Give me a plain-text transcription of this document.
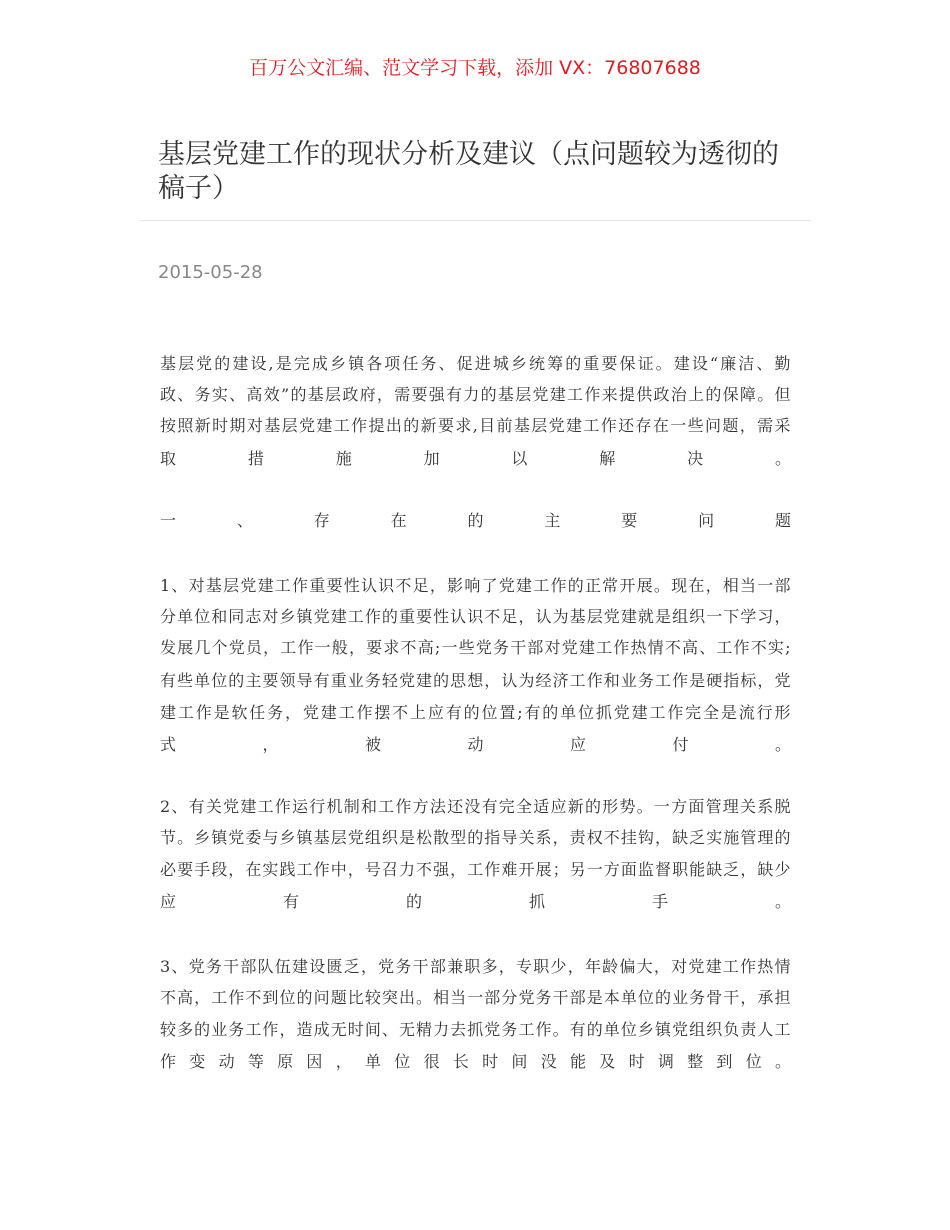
百万公文汇编、范文学习下载，添加 VX：76807688
基层党建工作的现状分析及建议（点问题较为透彻的稿子）
2015-05-28
基层党的建设,是完成乡镇各项任务、促进城乡统筹的重要保证。建设“廉洁、勤
政、务实、高效”的基层政府，需要强有力的基层党建工作来提供政治上的保障。但
按照新时期对基层党建工作提出的新要求,目前基层党建工作还存在一些问题，需采
取 措 施 加 以 解 决 。
一 、 存 在 的 主 要 问 题
1、对基层党建工作重要性认识不足，影响了党建工作的正常开展。现在，相当一部
分单位和同志对乡镇党建工作的重要性认识不足，认为基层党建就是组织一下学习，
发展几个党员，工作一般，要求不高;一些党务干部对党建工作热情不高、工作不实;
有些单位的主要领导有重业务轻党建的思想，认为经济工作和业务工作是硬指标，党
建工作是软任务，党建工作摆不上应有的位置;有的单位抓党建工作完全是流行形
式 ， 被 动 应 付 。
2、有关党建工作运行机制和工作方法还没有完全适应新的形势。一方面管理关系脱
节。乡镇党委与乡镇基层党组织是松散型的指导关系，责权不挂钩，缺乏实施管理的
必要手段，在实践工作中，号召力不强，工作难开展；另一方面监督职能缺乏，缺少
应 有 的 抓 手 。
3、党务干部队伍建设匮乏，党务干部兼职多，专职少，年龄偏大，对党建工作热情
不高，工作不到位的问题比较突出。相当一部分党务干部是本单位的业务骨干，承担
较多的业务工作，造成无时间、无精力去抓党务工作。有的单位乡镇党组织负责人工
作 变 动 等 原 因 ， 单 位 很 长 时 间 没 能 及 时 调 整 到 位 。
